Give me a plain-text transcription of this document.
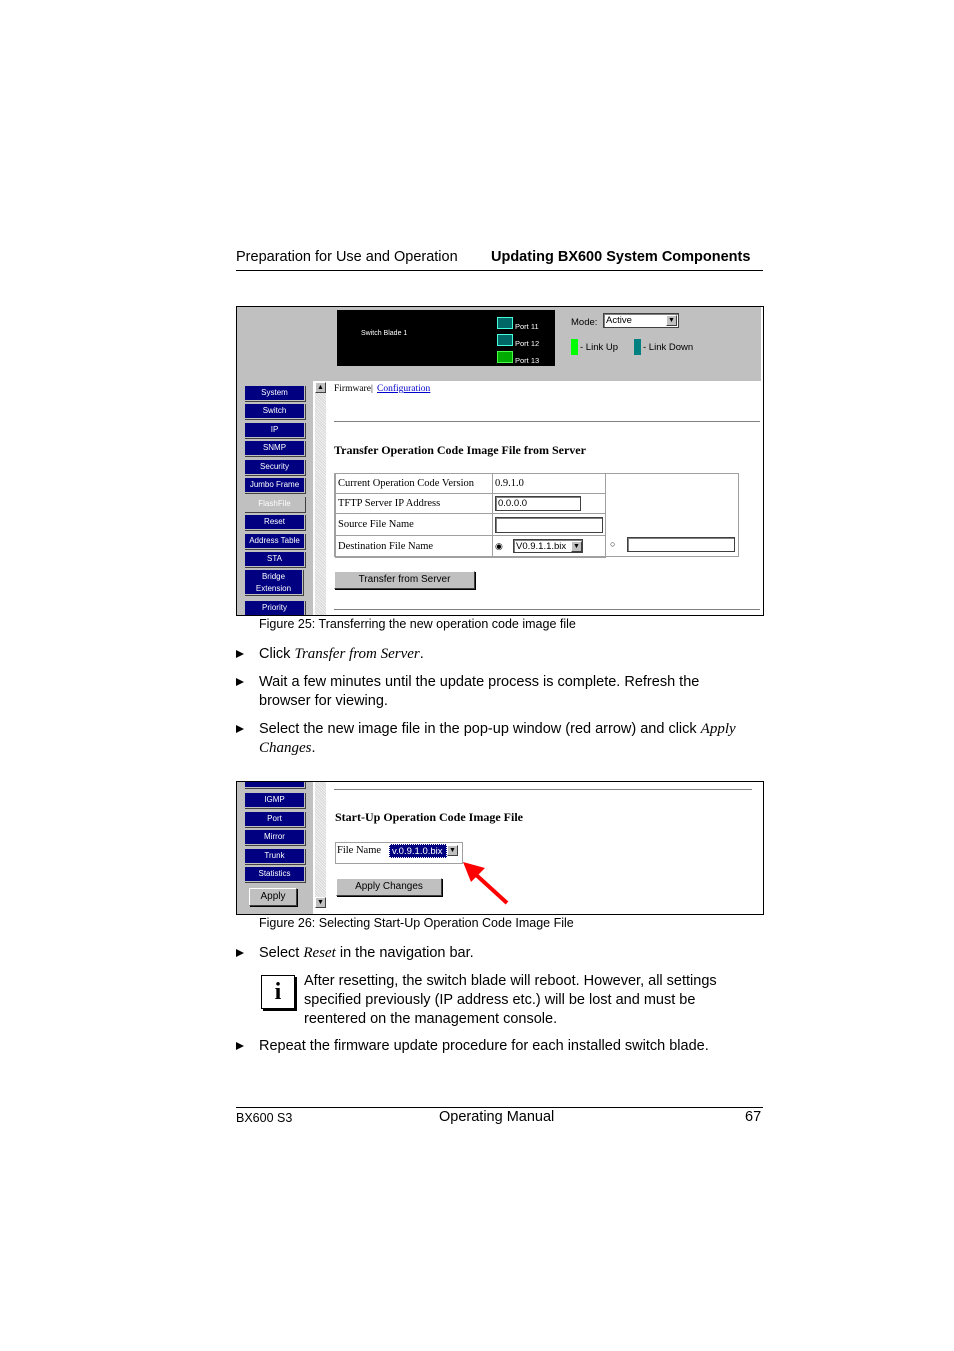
Preparation for Use and Operation Updating BX600 System Components
Switch Blade 1
Port 11
Port 12
Port 13
Mode: Active	▼
- Link Up	- Link Down
System
Switch
IP
SNMP
Security
Jumbo Frame
FlashFile
Reset
Address Table
STA
Bridge
Extension
Priority
▲ Firmware | Configuration
Transfer Operation Code Image File from Server
Current Operation Code Version	0.9.1.0
TFTP Server IP Address	0.0.0.0

Source File Name	

Destination File Name	◉ V0.9.1.1.bix ▼	○
Transfer from Server
Figure 25: Transferring the new operation code image file
Click Transfer from Server.
Wait a few minutes until the update process is complete. Refresh the
browser for viewing.
Select the new image file in the pop-up window (red arrow) and click Apply
Changes.
IGMP
Port
Mirror
Trunk
Statistics
Apply
▼
Start-Up Operation Code Image File
File Name	v.0.9.1.0.bix ▼
Apply Changes
Figure 26: Selecting Start-Up Operation Code Image File
Select Reset in the navigation bar.
i	After resetting, the switch blade will reboot. However, all settings
specified previously (IP address etc.) will be lost and must be
reentered on the management console.
Repeat the firmware update procedure for each installed switch blade.
BX600 S3	Operating Manual	67
